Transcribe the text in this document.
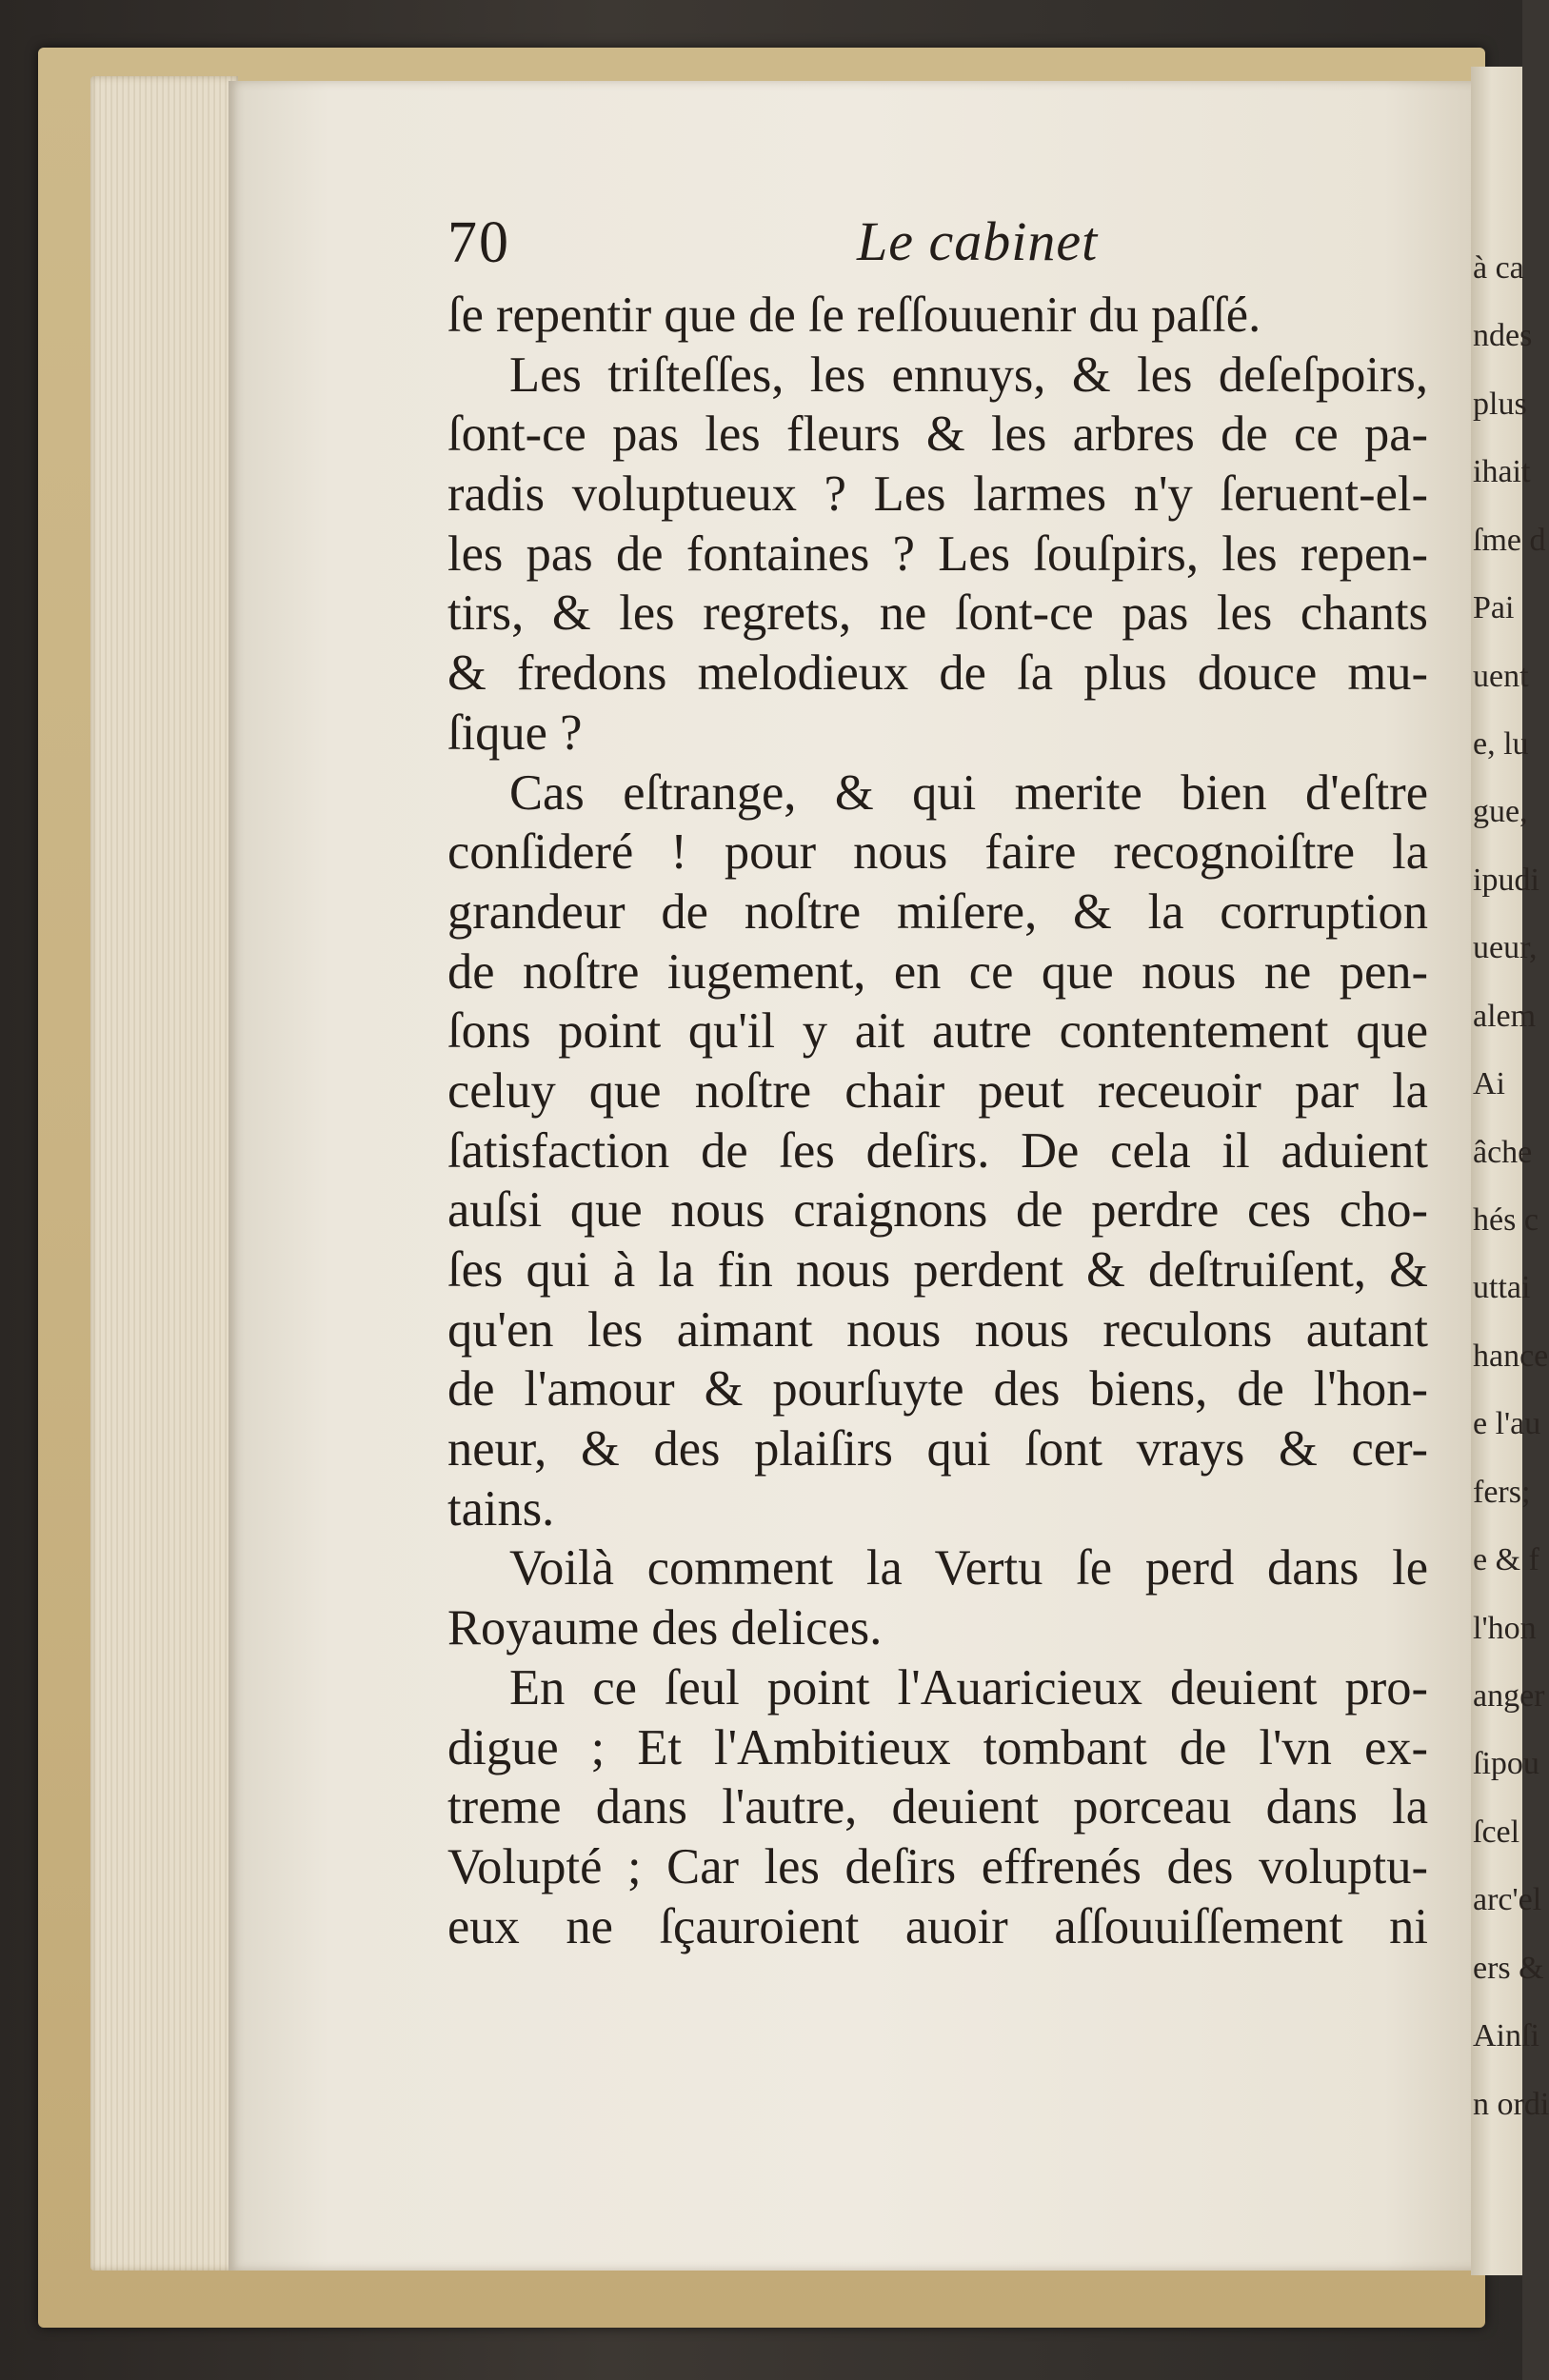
à ca
ndes
plus
ihait
ſme d
Pai
uent
e, lu
gue,
ipudi
ueur,
alem
Ai
âche
hés c
uttai
hance
e l'au
fers;
e & f
l'hon
anger
ſipou
ſcel
arc'el
ers &
Ainſi
n ordi
70	Le cabinet
ſe repentir que de ſe reſſouuenir du paſſé.
Les triſteſſes, les ennuys, & les deſeſpoirs,
ſont-ce pas les fleurs & les arbres de ce pa-
radis voluptueux ? Les larmes n'y ſeruent-el-
les pas de fontaines ? Les ſouſpirs, les repen-
tirs, & les regrets, ne ſont-ce pas les chants
& fredons melodieux de ſa plus douce mu-
ſique ?
Cas eſtrange, & qui merite bien d'eſtre
conſideré ! pour nous faire recognoiſtre la
grandeur de noſtre miſere, & la corruption
de noſtre iugement, en ce que nous ne pen-
ſons point qu'il y ait autre contentement que
celuy que noſtre chair peut receuoir par la
ſatisfaction de ſes deſirs. De cela il aduient
auſsi que nous craignons de perdre ces cho-
ſes qui à la fin nous perdent & deſtruiſent, &
qu'en les aimant nous nous reculons autant
de l'amour & pourſuyte des biens, de l'hon-
neur, & des plaiſirs qui ſont vrays & cer-
tains.
Voilà comment la Vertu ſe perd dans le
Royaume des delices.
En ce ſeul point l'Auaricieux deuient pro-
digue ; Et l'Ambitieux tombant de l'vn ex-
treme dans l'autre, deuient porceau dans la
Volupté ; Car les deſirs effrenés des voluptu-
eux ne ſçauroient auoir aſſouuiſſement ni
